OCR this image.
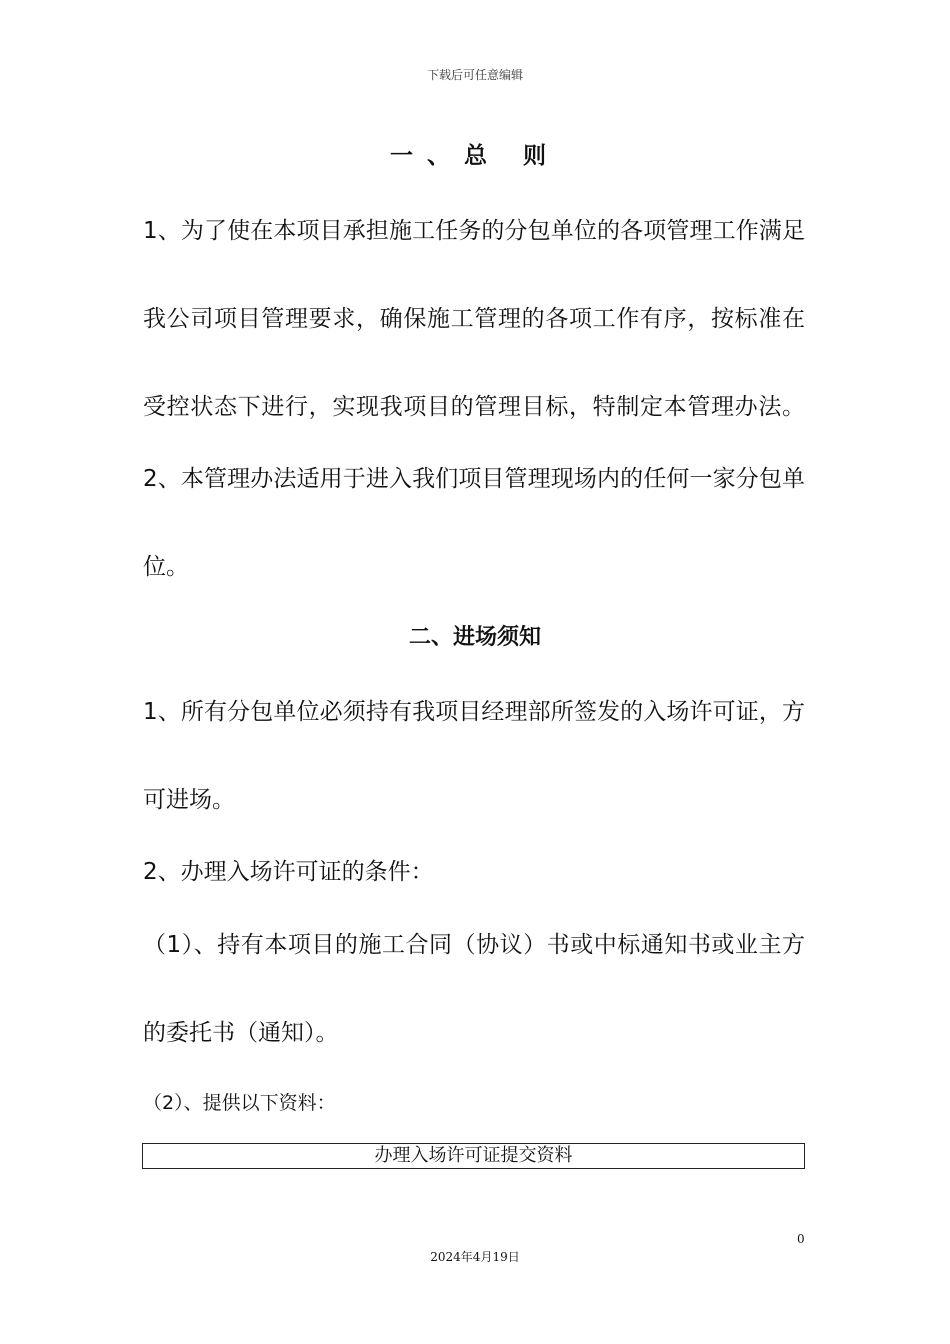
下载后可任意编辑
一、总 则
1、为了使在本项目承担施工任务的分包单位的各项管理工作满足
我公司项目管理要求，确保施工管理的各项工作有序，按标准在
受控状态下进行，实现我项目的管理目标，特制定本管理办法。
2、本管理办法适用于进入我们项目管理现场内的任何一家分包单
位。
二、进场须知
1、所有分包单位必须持有我项目经理部所签发的入场许可证，方
可进场。
2、办理入场许可证的条件：
（1）、持有本项目的施工合同（协议）书或中标通知书或业主方
的委托书（通知）。
（2）、提供以下资料：
办理入场许可证提交资料
0
2024年4月19日
